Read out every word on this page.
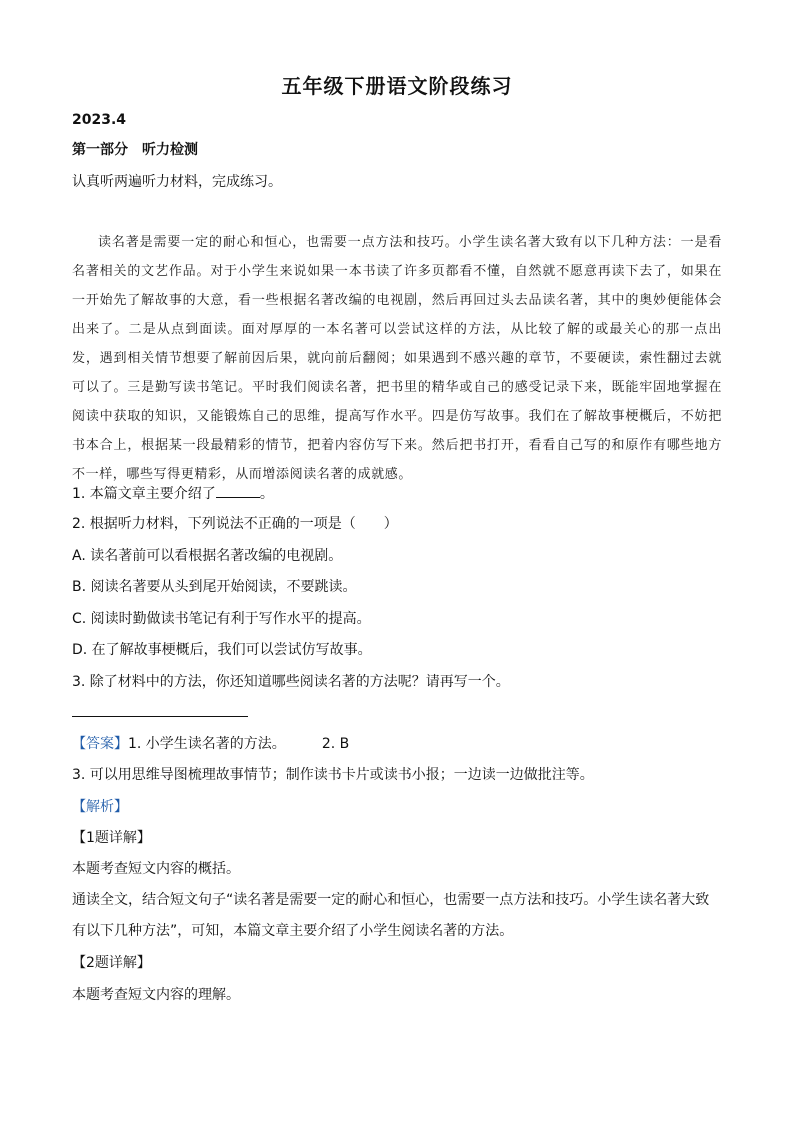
五年级下册语文阶段练习
2023.4
第一部分　听力检测
认真听两遍听力材料，完成练习。
读名著是需要一定的耐心和恒心，也需要一点方法和技巧。小学生读名著大致有以下几种方法：一是看名著相关的文艺作品。对于小学生来说如果一本书读了许多页都看不懂，自然就不愿意再读下去了，如果在一开始先了解故事的大意，看一些根据名著改编的电视剧，然后再回过头去品读名著，其中的奥妙便能体会出来了。二是从点到面读。面对厚厚的一本名著可以尝试这样的方法，从比较了解的或最关心的那一点出发，遇到相关情节想要了解前因后果，就向前后翻阅；如果遇到不感兴趣的章节，不要硬读，索性翻过去就可以了。三是勤写读书笔记。平时我们阅读名著，把书里的精华或自己的感受记录下来，既能牢固地掌握在阅读中获取的知识，又能锻炼自己的思维，提高写作水平。四是仿写故事。我们在了解故事梗概后，不妨把书本合上，根据某一段最精彩的情节，把着内容仿写下来。然后把书打开，看看自己写的和原作有哪些地方不一样，哪些写得更精彩，从而增添阅读名著的成就感。
1. 本篇文章主要介绍了	。
2. 根据听力材料，下列说法不正确的一项是（　　）
A. 读名著前可以看根据名著改编的电视剧。
B. 阅读名著要从头到尾开始阅读，不要跳读。
C. 阅读时勤做读书笔记有利于写作水平的提高。
D. 在了解故事梗概后，我们可以尝试仿写故事。
3. 除了材料中的方法，你还知道哪些阅读名著的方法呢？请再写一个。
【答案】1. 小学生读名著的方法。	2. B
3. 可以用思维导图梳理故事情节；制作读书卡片或读书小报；一边读一边做批注等。
【解析】
【1题详解】
本题考查短文内容的概括。
通读全文，结合短文句子“读名著是需要一定的耐心和恒心，也需要一点方法和技巧。小学生读名著大致
有以下几种方法”，可知，本篇文章主要介绍了小学生阅读名著的方法。
【2题详解】
本题考查短文内容的理解。
